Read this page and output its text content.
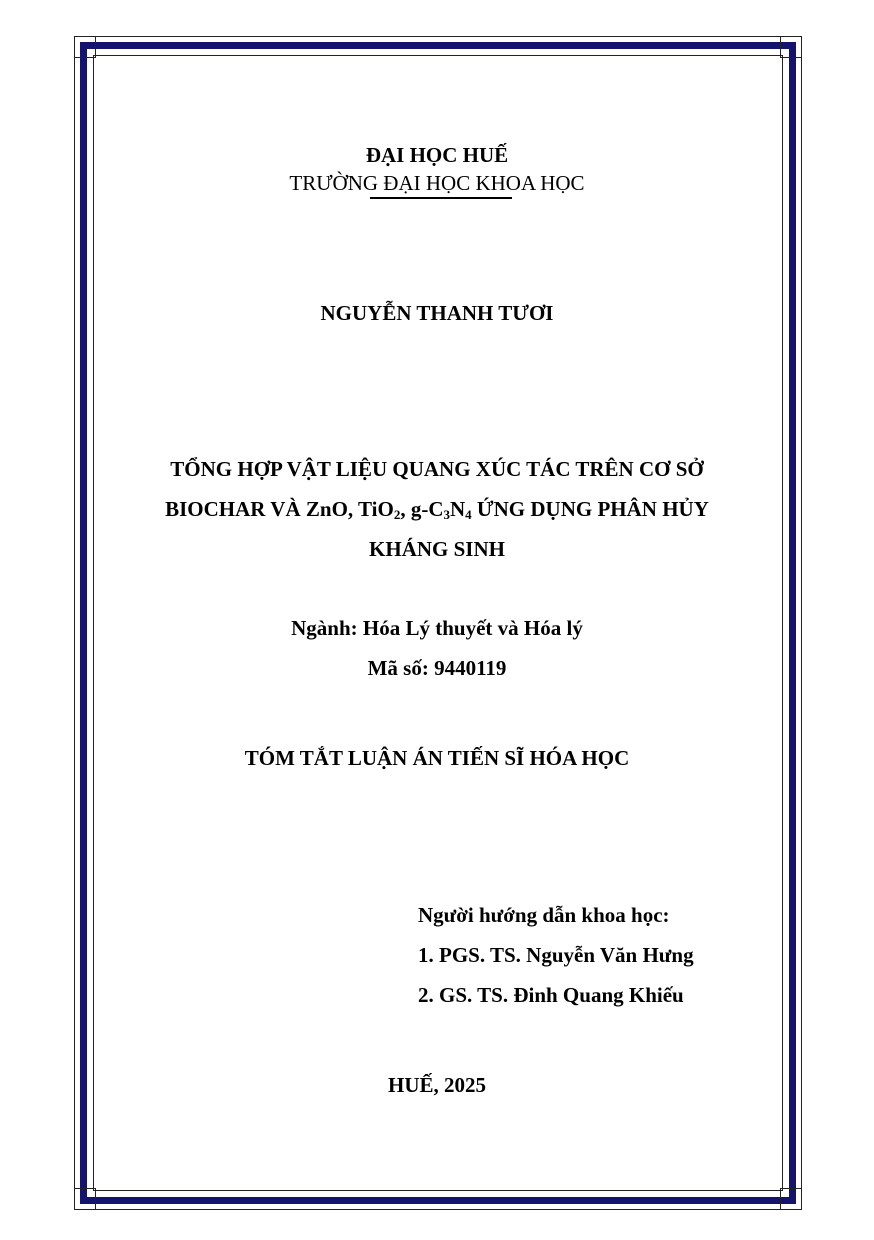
ĐẠI HỌC HUẾ
TRƯỜNG ĐẠI HỌC KHOA HỌC
NGUYỄN THANH TƯƠI
TỔNG HỢP VẬT LIỆU QUANG XÚC TÁC TRÊN CƠ SỞ
BIOCHAR VÀ ZnO, TiO$_2$, $g-C_3N_4$ ỨNG DỤNG PHÂN HỦY
KHÁNG SINH
Ngành: Hóa Lý thuyết và Hóa lý
Mã số: 9440119
TÓM TẮT LUẬN ÁN TIẾN SĨ HÓA HỌC
Người hướng dẫn khoa học:
1. PGS. TS. Nguyễn Văn Hưng
2. GS. TS. Đinh Quang Khiếu
HUẾ, 2025
